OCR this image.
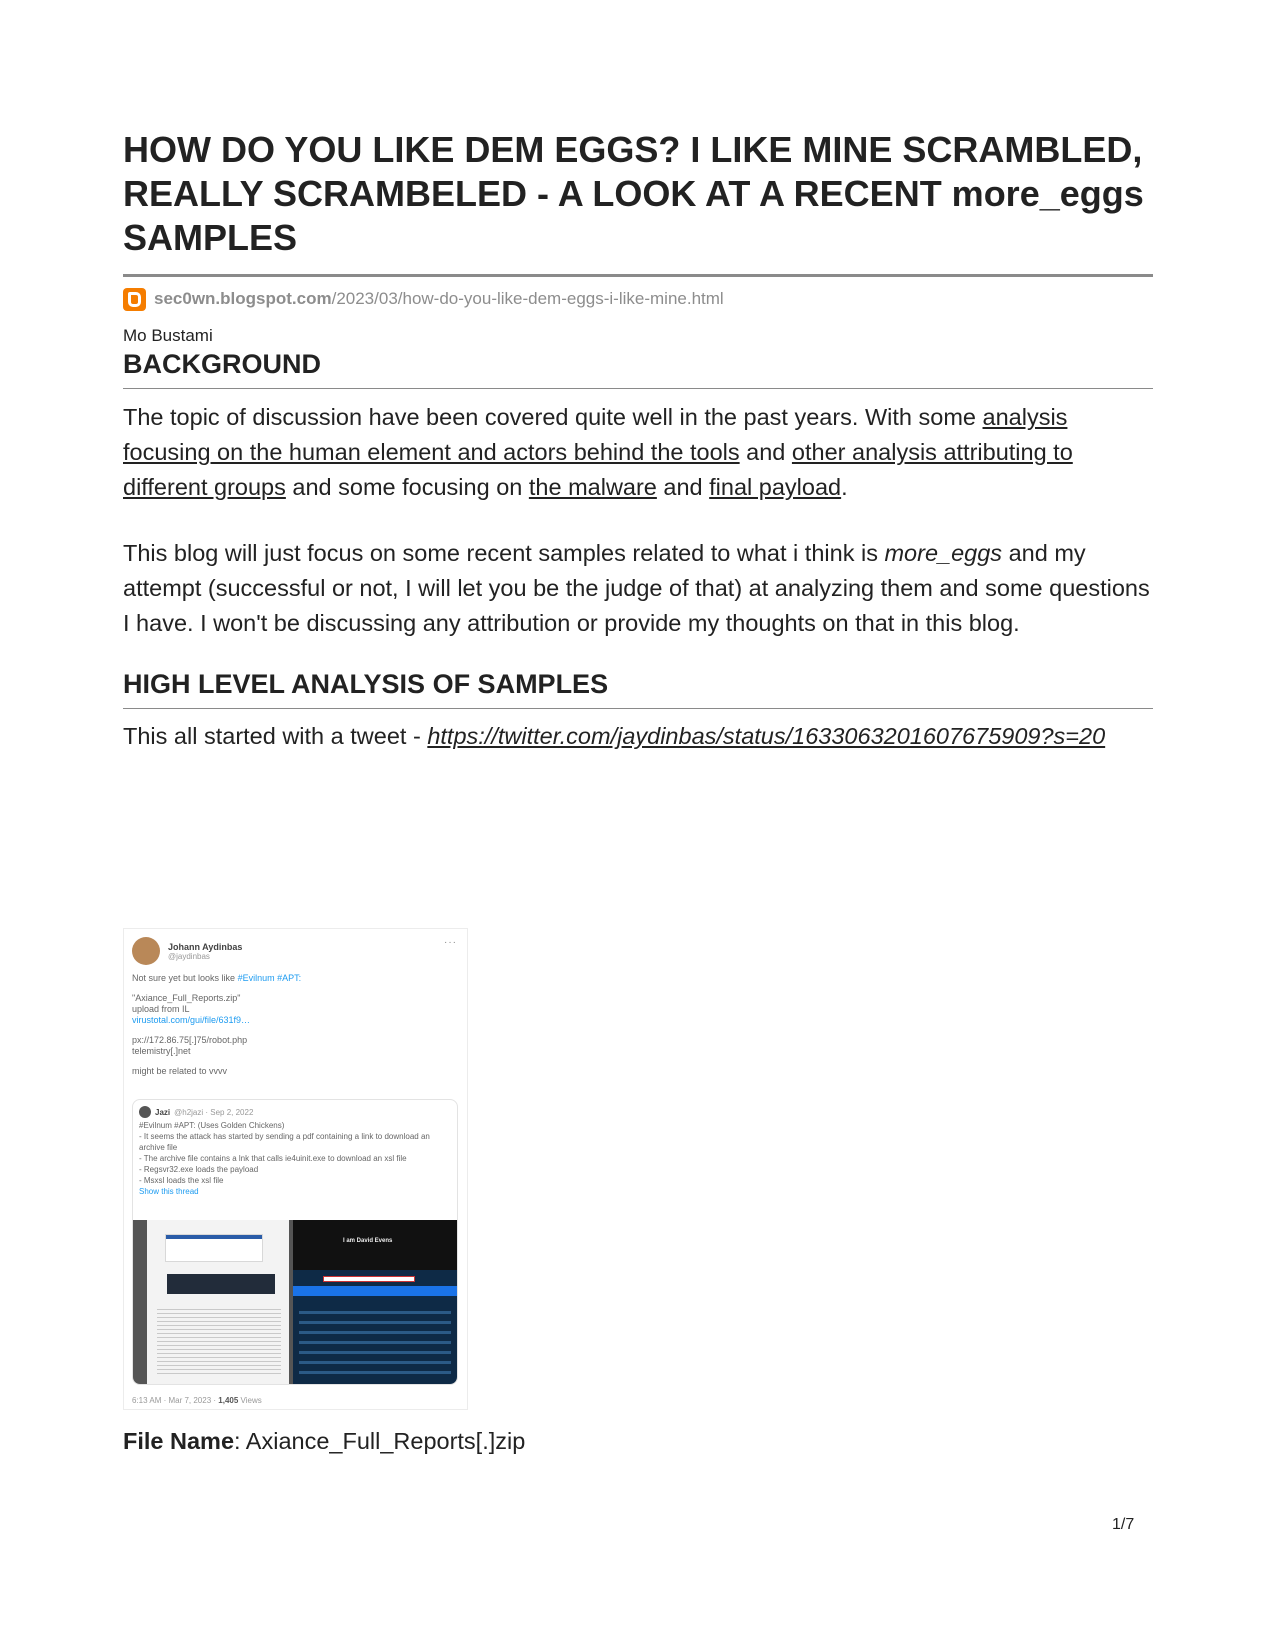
HOW DO YOU LIKE DEM EGGS? I LIKE MINE SCRAMBLED, REALLY SCRAMBELED - A LOOK AT A RECENT more_eggs SAMPLES
sec0wn.blogspot.com/2023/03/how-do-you-like-dem-eggs-i-like-mine.html
Mo Bustami
BACKGROUND

The topic of discussion have been covered quite well in the past years. With some analysis focusing on the human element and actors behind the tools and other analysis attributing to different groups and some focusing on the malware and final payload.

This blog will just focus on some recent samples related to what i think is more_eggs and my attempt (successful or not, I will let you be the judge of that) at analyzing them and some questions I have. I won't be discussing any attribution or provide my thoughts on that in this blog.

HIGH LEVEL ANALYSIS OF SAMPLES

This all started with a tweet - https://twitter.com/jaydinbas/status/1633063201607675909?s=20

Johann Aydinbas
@jaydinbas
···
Not sure yet but looks like #Evilnum #APT:
"Axiance_Full_Reports.zip"
upload from IL
virustotal.com/gui/file/631f9…
px://172.86.75[.]75/robot.php
telemistry[.]net
might be related to vvvv
Jazi @h2jazi · Sep 2, 2022
#Evilnum #APT: (Uses Golden Chickens)
- It seems the attack has started by sending a pdf containing a link to download an archive file
- The archive file contains a lnk that calls ie4uinit.exe to download an xsl file
- Regsvr32.exe loads the payload
- Msxsl loads the xsl file
Show this thread
I am David Evens
6:13 AM · Mar 7, 2023 · 1,405 Views
File Name: Axiance_Full_Reports[.]zip
1/7
